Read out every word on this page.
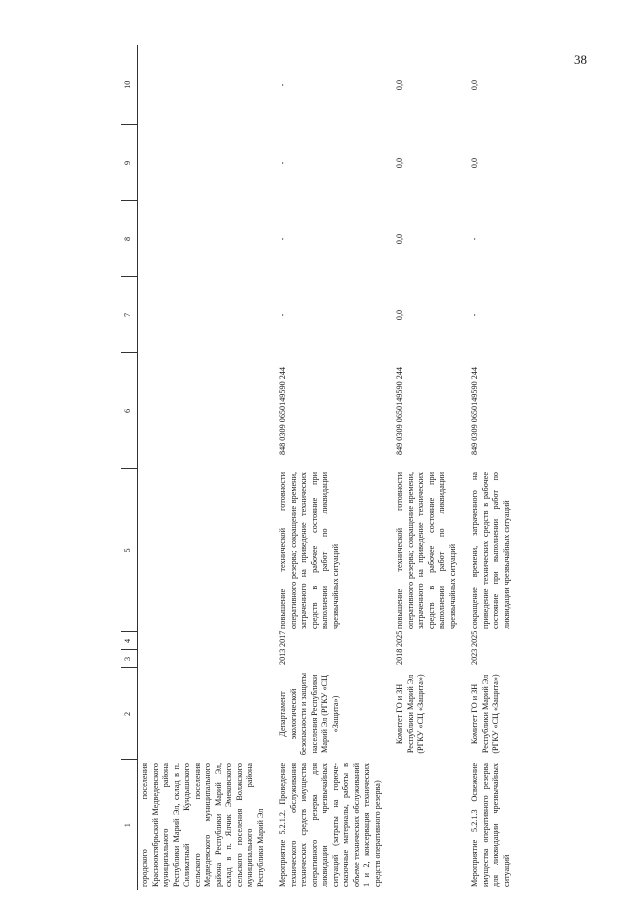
38
1	2	3	4	5	6	7	8	9	10
городского поселения Краснооктябрьский Медведевского муниципального района Республики Марий Эл, склад в п. Силикатный Кундышского сельского поселения Медведевского муниципального района Республики Марий Эл, склад в п. Ялчик Эмековского сельского поселения Волжского муниципального района Республики Марий Эл									
Мероприятие 5.2.1.2. Проведение технического обслуживания технических средств имущества оперативного резерва для ликвидации чрезвычайных ситуаций (затраты на горюче-смазочные материалы, работы в объеме технических обслуживаний 1 и 2, консервация технических средств оперативного резерва)	Департамент экологической безопасности и защиты населения Республики Марий Эл (РГКУ «СЦ «Защита»)	2013	2017	повышение технической готовности оперативного резерва; сокращение времени, затраченного на приведение технических средств в рабочее состояние при выполнении работ по ликвидации чрезвычайных ситуаций	848 0309 0650149590 244	-	-	-	-
	Комитет ГО и ЗН Республики Марий Эл (РГКУ «СЦ «Защита»)	2018	2025	повышение технической готовности оперативного резерва; сокращение времени, затраченного на приведение технических средств в рабочее состояние при выполнении работ по ликвидации чрезвычайных ситуаций	849 0309 0650149590 244	0,0	0,0	0,0	0,0
Мероприятие 5.2.1.3 Освежение имущества оперативного резерва для ликвидации чрезвычайных ситуаций	Комитет ГО и ЗН Республики Марий Эл (РГКУ «СЦ «Защита»)	2023	2025	сокращение времени, затраченного на приведение технических средств в рабочее состояние при выполнении работ по ликвидации чрезвычайных ситуаций	849 0309 0650149590 244	-	-	0,0	0,0
